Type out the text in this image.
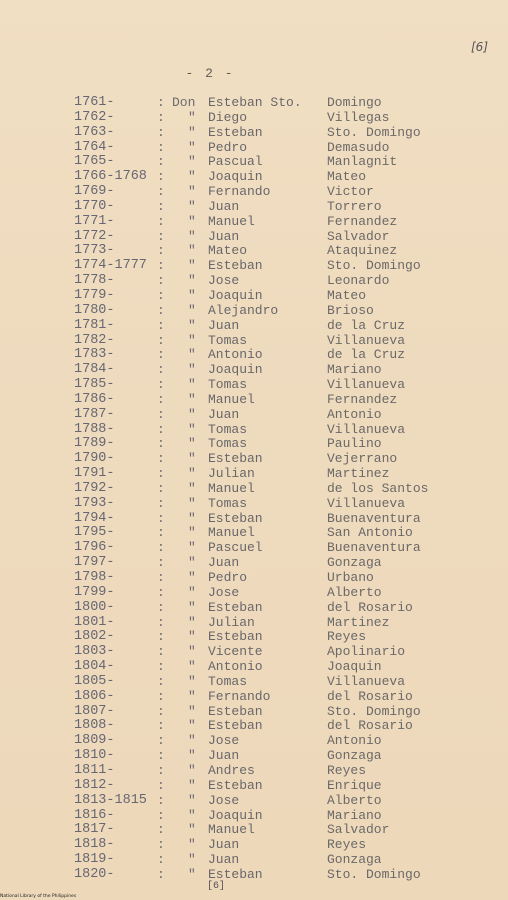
[6]
- 2 -
1761-	: Don Esteban Sto.	Domingo
1762-	: " Diego	Villegas
1763-	: " Esteban	Sto. Domingo
1764-	: " Pedro	Demasudo
1765-	: " Pascual	Manlagnit
1766-1768 : " Joaquin	Mateo
1769-	: " Fernando	Victor
1770-	: " Juan	Torrero
1771-	: " Manuel	Fernandez
1772-	: " Juan	Salvador
1773-	: " Mateo	Ataquinez
1774-1777 : " Esteban	Sto. Domingo
1778-	: " Jose	Leonardo
1779-	: " Joaquin	Mateo
1780-	: " Alejandro	Brioso
1781-	: " Juan	de la Cruz
1782-	: " Tomas	Villanueva
1783-	: " Antonio	de la Cruz
1784-	: " Joaquin	Mariano
1785-	: " Tomas	Villanueva
1786-	: " Manuel	Fernandez
1787-	: " Juan	Antonio
1788-	: " Tomas	Villanueva
1789-	: " Tomas	Paulino
1790-	: " Esteban	Vejerrano
1791-	: " Julian	Martinez
1792-	: " Manuel	de los Santos
1793-	: " Tomas	Villanueva
1794-	: " Esteban	Buenaventura
1795-	: " Manuel	San Antonio
1796-	: " Pascuel	Buenaventura
1797-	: " Juan	Gonzaga
1798-	: " Pedro	Urbano
1799-	: " Jose	Alberto
1800-	: " Esteban	del Rosario
1801-	: " Julian	Martinez
1802-	: " Esteban	Reyes
1803-	: " Vicente	Apolinario
1804-	: " Antonio	Joaquin
1805-	: " Tomas	Villanueva
1806-	: " Fernando	del Rosario
1807-	: " Esteban	Sto. Domingo
1808-	: " Esteban	del Rosario
1809-	: " Jose	Antonio
1810-	: " Juan	Gonzaga
1811-	: " Andres	Reyes
1812-	: " Esteban	Enrique
1813-1815 : " Jose	Alberto
1816-	: " Joaquin	Mariano
1817-	: " Manuel	Salvador
1818-	: " Juan	Reyes
1819-	: " Juan	Gonzaga
1820-	: " Esteban	Sto. Domingo
[6]
National Library of the Philippines
